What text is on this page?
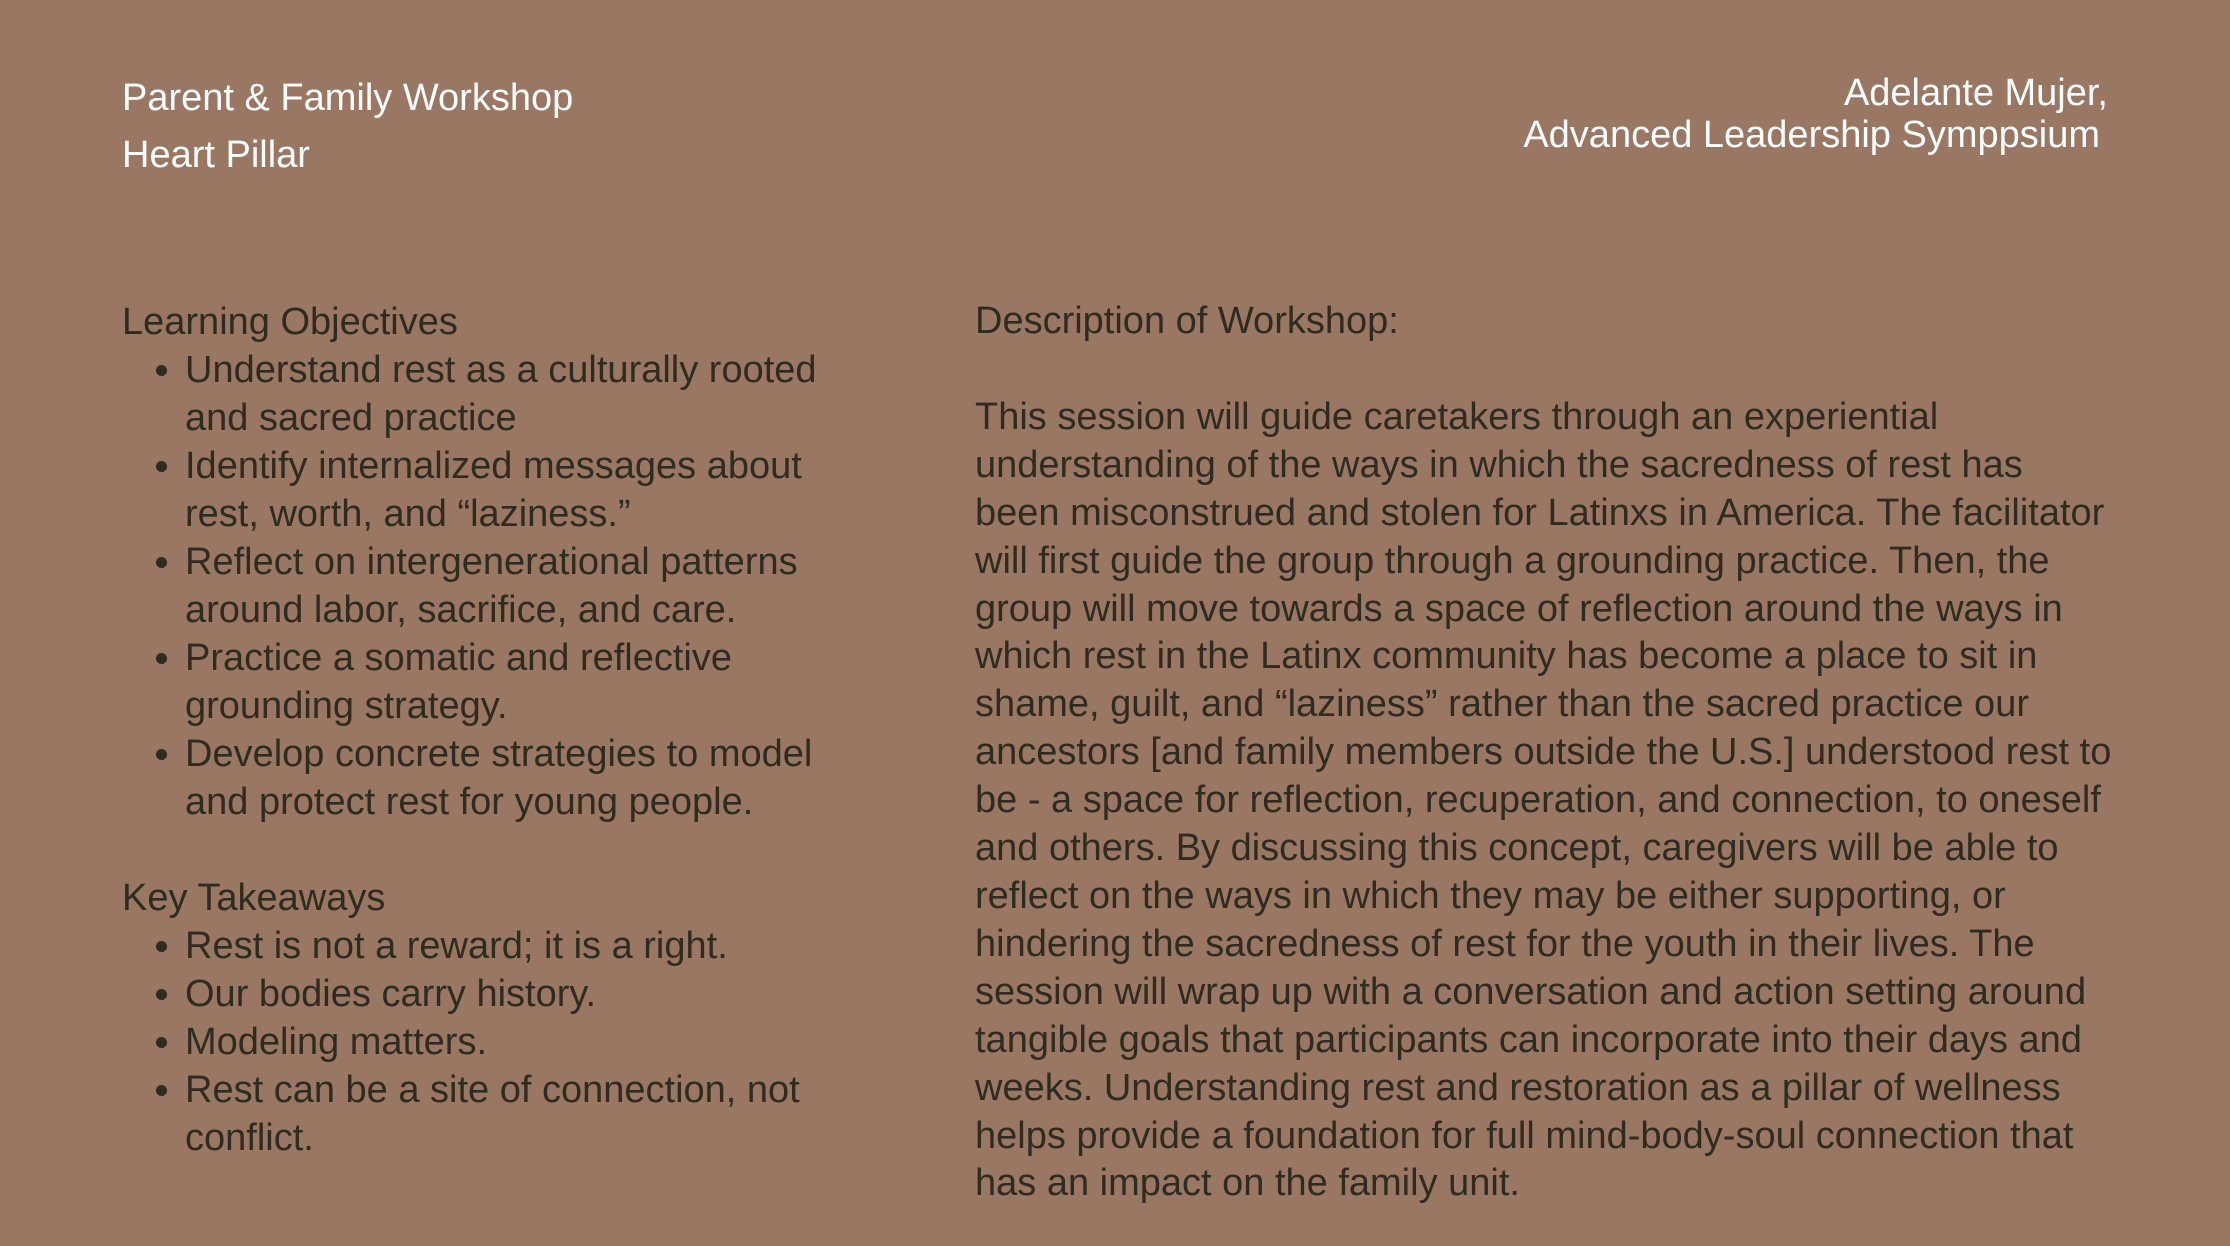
Parent & Family Workshop
Heart Pillar
Adelante Mujer,
Advanced Leadership Symppsium
Learning Objectives
• Understand rest as a culturally rooted and sacred practice
• Identify internalized messages about rest, worth, and “laziness.”
• Reflect on intergenerational patterns around labor, sacrifice, and care.
• Practice a somatic and reflective grounding strategy.
• Develop concrete strategies to model and protect rest for young people.
Key Takeaways
• Rest is not a reward; it is a right.
• Our bodies carry history.
• Modeling matters.
• Rest can be a site of connection, not conflict.
Description of Workshop:

This session will guide caretakers through an experiential understanding of the ways in which the sacredness of rest has been misconstrued and stolen for Latinxs in America. The facilitator will first guide the group through a grounding practice. Then, the group will move towards a space of reflection around the ways in which rest in the Latinx community has become a place to sit in shame, guilt, and “laziness” rather than the sacred practice our ancestors [and family members outside the U.S.] understood rest to be - a space for reflection, recuperation, and connection, to oneself and others. By discussing this concept, caregivers will be able to reflect on the ways in which they may be either supporting, or hindering the sacredness of rest for the youth in their lives. The session will wrap up with a conversation and action setting around tangible goals that participants can incorporate into their days and weeks. Understanding rest and restoration as a pillar of wellness helps provide a foundation for full mind-body-soul connection that has an impact on the family unit.
